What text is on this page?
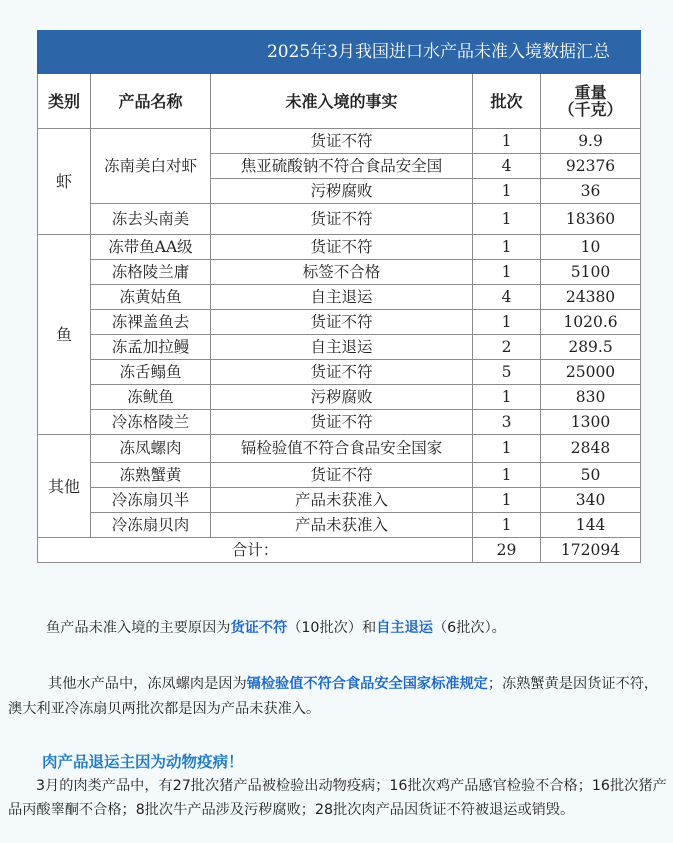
2025年3月我国进口水产品未准入境数据汇总				
类别	产品名称	未准入境的事实	批次	重量
（千克）
虾	冻南美白对虾	货证不符	1	9.9
		焦亚硫酸钠不符合食品安全国	4	92376
		污秽腐败	1	36
	冻去头南美	货证不符	1	18360
鱼	冻带鱼AA级	货证不符	1	10
	冻格陵兰庸	标签不合格	1	5100
	冻黄姑鱼	自主退运	4	24380
	冻裸盖鱼去	货证不符	1	1020.6
	冻孟加拉鳗	自主退运	2	289.5
	冻舌鳎鱼	货证不符	5	25000
	冻鱿鱼	污秽腐败	1	830
	冷冻格陵兰	货证不符	3	1300
其他	冻凤螺肉	镉检验值不符合食品安全国家	1	2848
	冻熟蟹黄	货证不符	1	50
	冷冻扇贝半	产品未获准入	1	340
	冷冻扇贝肉	产品未获准入	1	144
合计：			29	172094
鱼产品未准入境的主要原因为货证不符（10批次）和自主退运（6批次）。
其他水产品中，冻凤螺肉是因为镉检验值不符合食品安全国家标准规定；冻熟蟹黄是因货证不符，澳大利亚冷冻扇贝两批次都是因为产品未获准入。
肉产品退运主因为动物疫病！
3月的肉类产品中，有27批次猪产品被检验出动物疫病；16批次鸡产品感官检验不合格；16批次猪产品丙酸睾酮不合格；8批次牛产品涉及污秽腐败；28批次肉产品因货证不符被退运或销毁。
